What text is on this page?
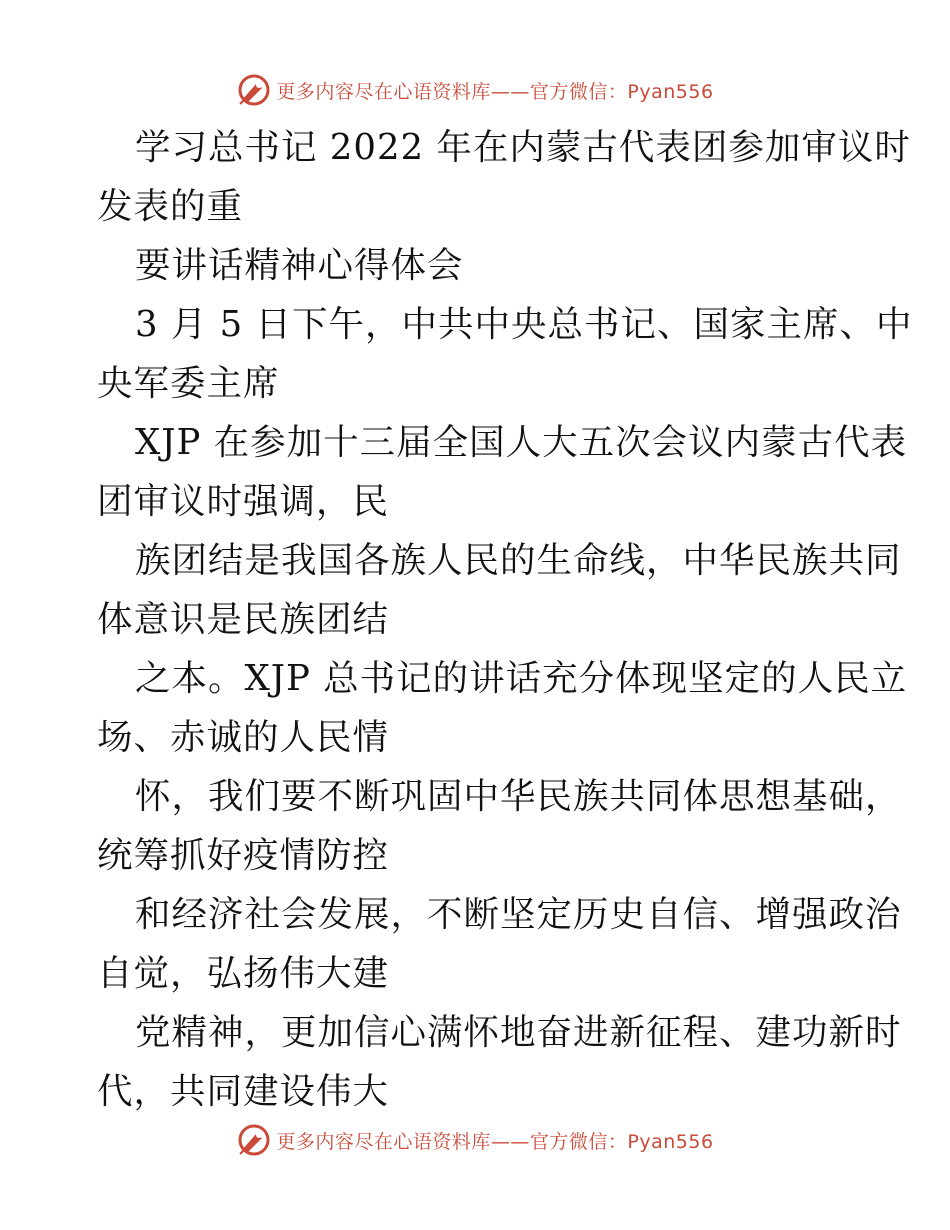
更多内容尽在心语资料库——官方微信：Pyan556
学习总书记 2022 年在内蒙古代表团参加审议时
发表的重
要讲话精神心得体会
3 月 5 日下午，中共中央总书记、国家主席、中
央军委主席
XJP 在参加十三届全国人大五次会议内蒙古代表
团审议时强调，民
族团结是我国各族人民的生命线，中华民族共同
体意识是民族团结
之本。XJP 总书记的讲话充分体现坚定的人民立
场、赤诚的人民情
怀，我们要不断巩固中华民族共同体思想基础，
统筹抓好疫情防控
和经济社会发展，不断坚定历史自信、增强政治
自觉，弘扬伟大建
党精神，更加信心满怀地奋进新征程、建功新时
代，共同建设伟大
更多内容尽在心语资料库——官方微信：Pyan556
